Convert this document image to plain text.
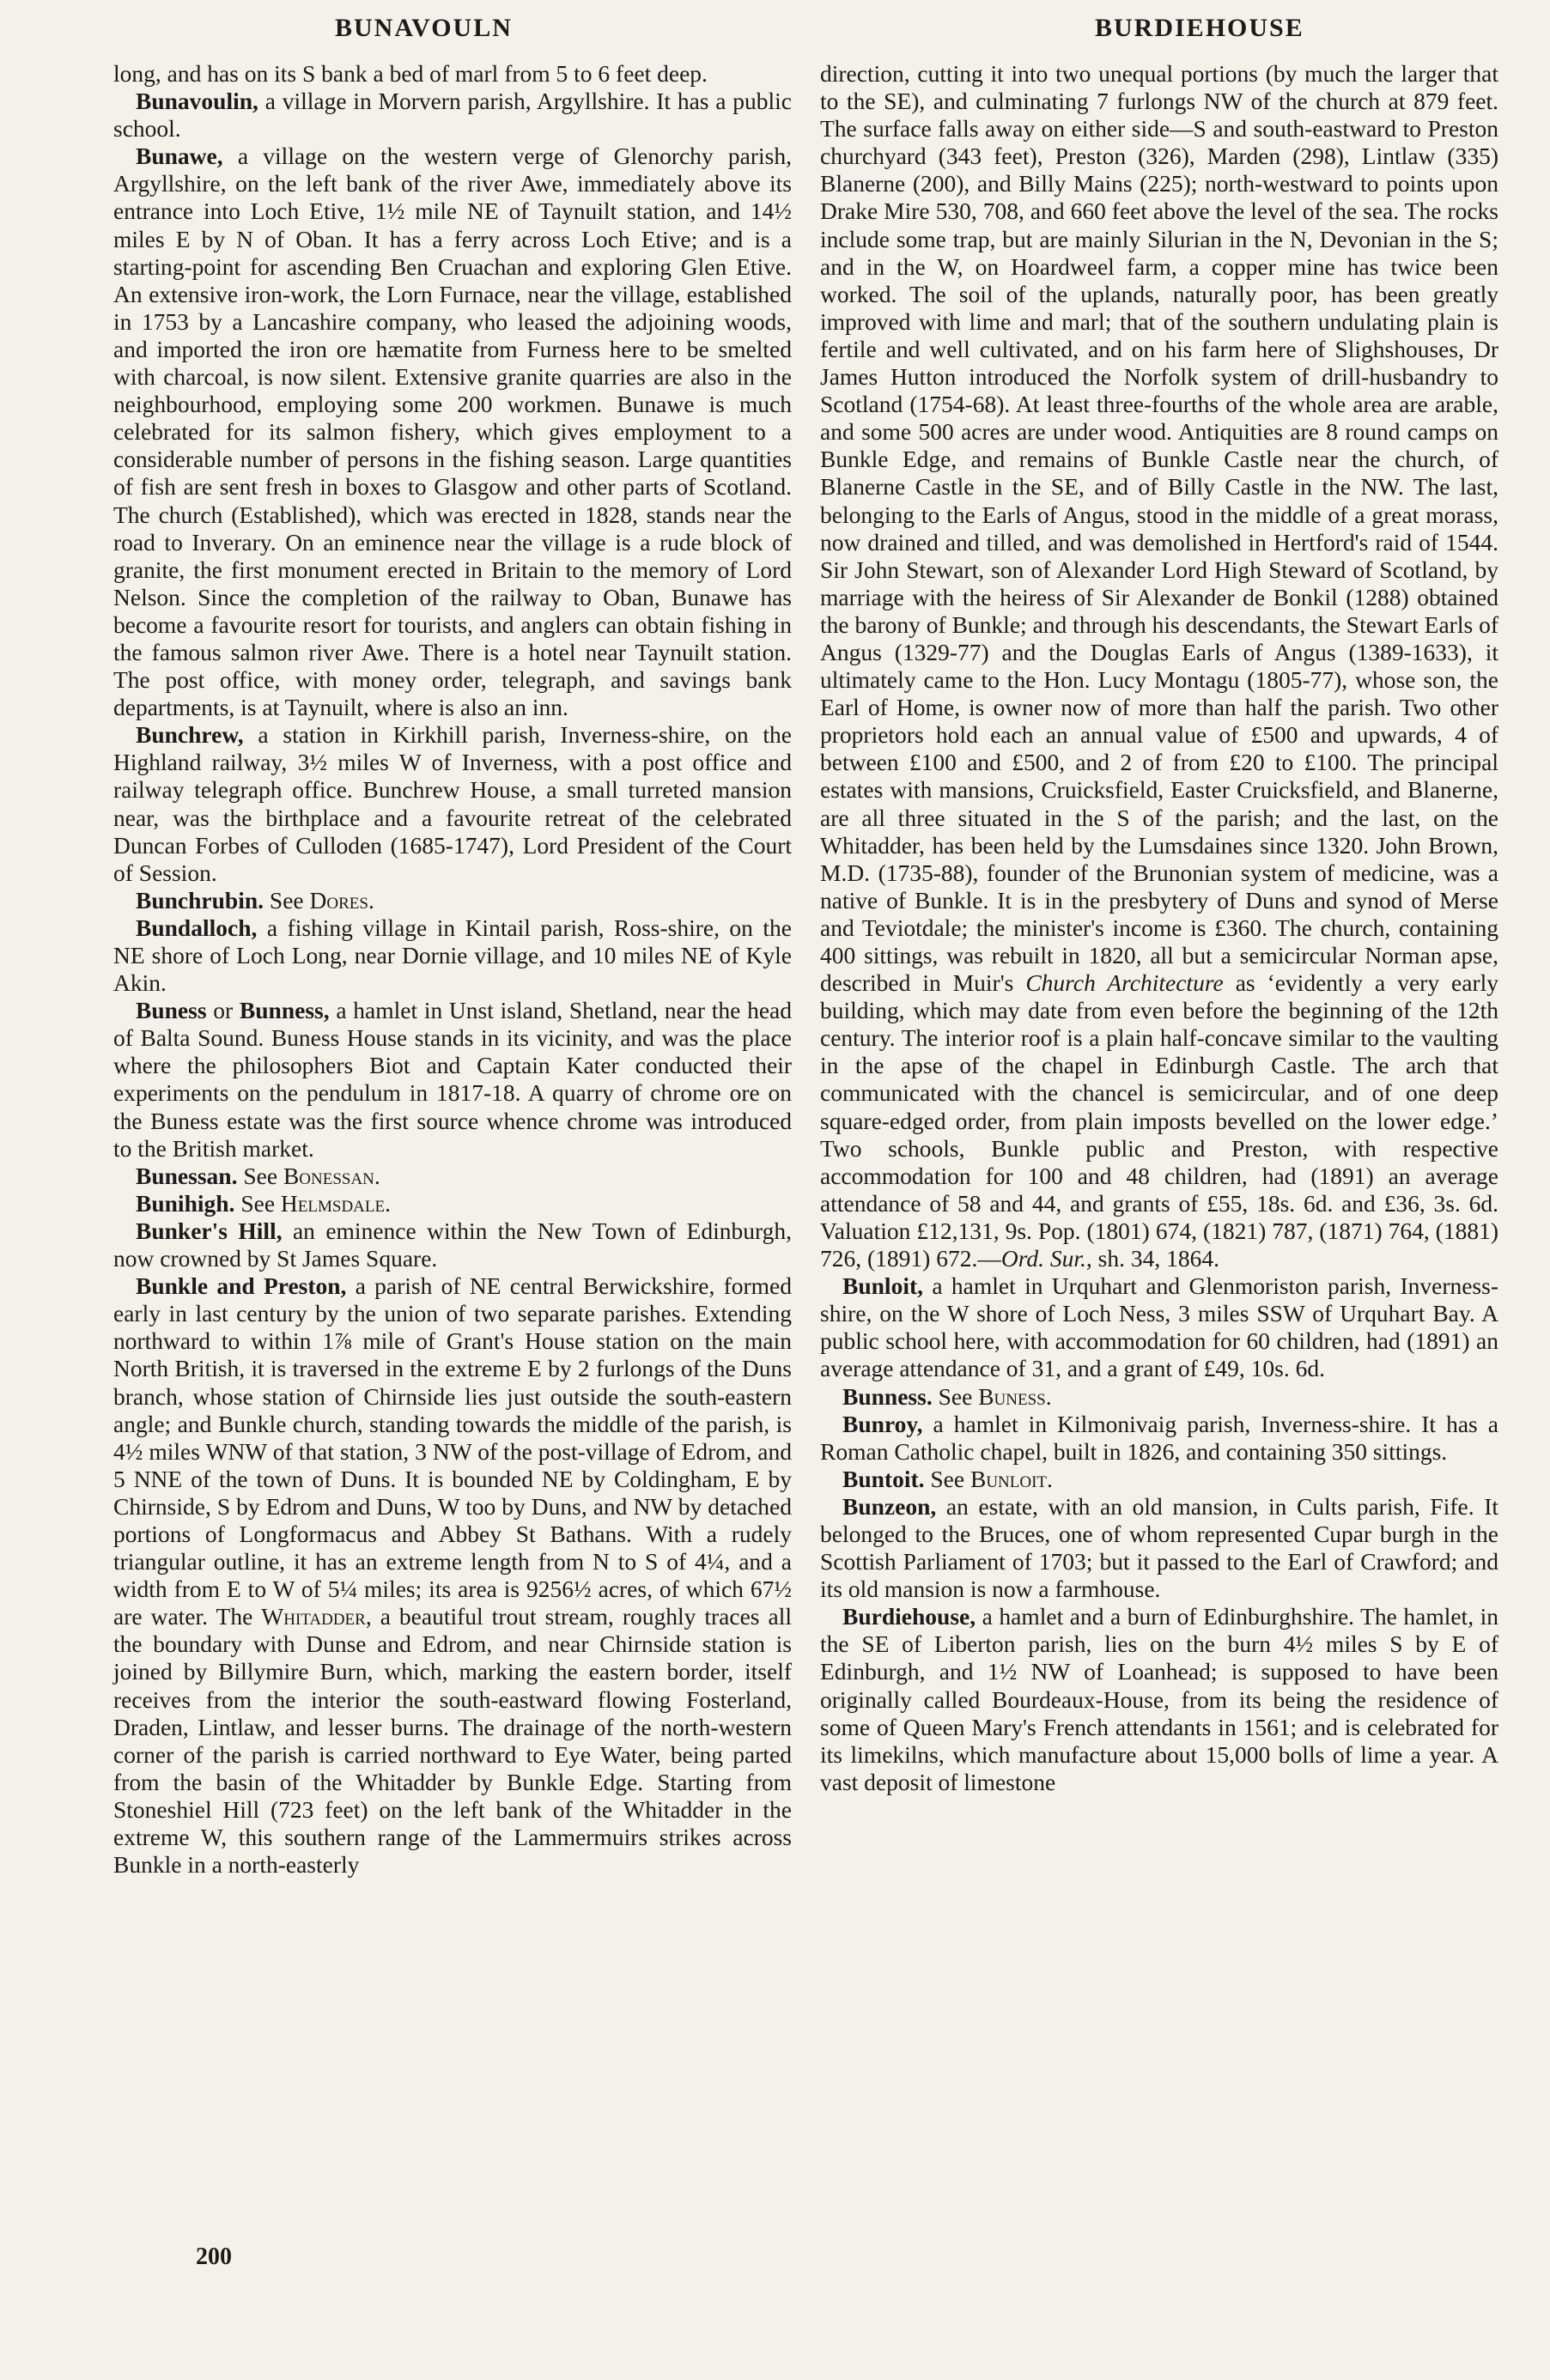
BUNAVOULN	BURDIEHOUSE

long, and has on its S bank a bed of marl from 5 to 6 feet deep.

Bunavoulin, a village in Morvern parish, Argyllshire. It has a public school.

Bunawe, a village on the western verge of Glenorchy parish, Argyllshire, on the left bank of the river Awe, immediately above its entrance into Loch Etive, 1½ mile NE of Taynuilt station, and 14½ miles E by N of Oban. It has a ferry across Loch Etive; and is a starting-point for ascending Ben Cruachan and exploring Glen Etive. An extensive iron-work, the Lorn Furnace, near the village, established in 1753 by a Lancashire company, who leased the adjoining woods, and imported the iron ore hæmatite from Furness here to be smelted with charcoal, is now silent. Extensive granite quarries are also in the neighbourhood, employing some 200 workmen. Bunawe is much celebrated for its salmon fishery, which gives employment to a considerable number of persons in the fishing season. Large quantities of fish are sent fresh in boxes to Glasgow and other parts of Scotland. The church (Established), which was erected in 1828, stands near the road to Inverary. On an eminence near the village is a rude block of granite, the first monument erected in Britain to the memory of Lord Nelson. Since the completion of the railway to Oban, Bunawe has become a favourite resort for tourists, and anglers can obtain fishing in the famous salmon river Awe. There is a hotel near Taynuilt station. The post office, with money order, telegraph, and savings bank departments, is at Taynuilt, where is also an inn.

Bunchrew, a station in Kirkhill parish, Inverness-shire, on the Highland railway, 3½ miles W of Inverness, with a post office and railway telegraph office. Bunchrew House, a small turreted mansion near, was the birthplace and a favourite retreat of the celebrated Duncan Forbes of Culloden (1685-1747), Lord President of the Court of Session.

Bunchrubin. See Dores.

Bundalloch, a fishing village in Kintail parish, Ross-shire, on the NE shore of Loch Long, near Dornie village, and 10 miles NE of Kyle Akin.

Buness or Bunness, a hamlet in Unst island, Shetland, near the head of Balta Sound. Buness House stands in its vicinity, and was the place where the philosophers Biot and Captain Kater conducted their experiments on the pendulum in 1817-18. A quarry of chrome ore on the Buness estate was the first source whence chrome was introduced to the British market.

Bunessan. See Bonessan.

Bunihigh. See Helmsdale.

Bunker's Hill, an eminence within the New Town of Edinburgh, now crowned by St James Square.

Bunkle and Preston, a parish of NE central Berwickshire, formed early in last century by the union of two separate parishes. Extending northward to within 1⅞ mile of Grant's House station on the main North British, it is traversed in the extreme E by 2 furlongs of the Duns branch, whose station of Chirnside lies just outside the south-eastern angle; and Bunkle church, standing towards the middle of the parish, is 4½ miles WNW of that station, 3 NW of the post-village of Edrom, and 5 NNE of the town of Duns. It is bounded NE by Coldingham, E by Chirnside, S by Edrom and Duns, W too by Duns, and NW by detached portions of Longformacus and Abbey St Bathans. With a rudely triangular outline, it has an extreme length from N to S of 4¼, and a width from E to W of 5¼ miles; its area is 9256½ acres, of which 67½ are water. The Whitadder, a beautiful trout stream, roughly traces all the boundary with Dunse and Edrom, and near Chirnside station is joined by Billymire Burn, which, marking the eastern border, itself receives from the interior the south-eastward flowing Fosterland, Draden, Lintlaw, and lesser burns. The drainage of the north-western corner of the parish is carried northward to Eye Water, being parted from the basin of the Whitadder by Bunkle Edge. Starting from Stoneshiel Hill (723 feet) on the left bank of the Whitadder in the extreme W, this southern range of the Lammermuirs strikes across Bunkle in a north-easterly

direction, cutting it into two unequal portions (by much the larger that to the SE), and culminating 7 furlongs NW of the church at 879 feet. The surface falls away on either side—S and south-eastward to Preston churchyard (343 feet), Preston (326), Marden (298), Lintlaw (335) Blanerne (200), and Billy Mains (225); north-westward to points upon Drake Mire 530, 708, and 660 feet above the level of the sea. The rocks include some trap, but are mainly Silurian in the N, Devonian in the S; and in the W, on Hoardweel farm, a copper mine has twice been worked. The soil of the uplands, naturally poor, has been greatly improved with lime and marl; that of the southern undulating plain is fertile and well cultivated, and on his farm here of Slighshouses, Dr James Hutton introduced the Norfolk system of drill-husbandry to Scotland (1754-68). At least three-fourths of the whole area are arable, and some 500 acres are under wood. Antiquities are 8 round camps on Bunkle Edge, and remains of Bunkle Castle near the church, of Blanerne Castle in the SE, and of Billy Castle in the NW. The last, belonging to the Earls of Angus, stood in the middle of a great morass, now drained and tilled, and was demolished in Hertford's raid of 1544. Sir John Stewart, son of Alexander Lord High Steward of Scotland, by marriage with the heiress of Sir Alexander de Bonkil (1288) obtained the barony of Bunkle; and through his descendants, the Stewart Earls of Angus (1329-77) and the Douglas Earls of Angus (1389-1633), it ultimately came to the Hon. Lucy Montagu (1805-77), whose son, the Earl of Home, is owner now of more than half the parish. Two other proprietors hold each an annual value of £500 and upwards, 4 of between £100 and £500, and 2 of from £20 to £100. The principal estates with mansions, Cruicksfield, Easter Cruicksfield, and Blanerne, are all three situated in the S of the parish; and the last, on the Whitadder, has been held by the Lumsdaines since 1320. John Brown, M.D. (1735-88), founder of the Brunonian system of medicine, was a native of Bunkle. It is in the presbytery of Duns and synod of Merse and Teviotdale; the minister's income is £360. The church, containing 400 sittings, was rebuilt in 1820, all but a semicircular Norman apse, described in Muir's Church Architecture as ‘evidently a very early building, which may date from even before the beginning of the 12th century. The interior roof is a plain half-concave similar to the vaulting in the apse of the chapel in Edinburgh Castle. The arch that communicated with the chancel is semicircular, and of one deep square-edged order, from plain imposts bevelled on the lower edge.’ Two schools, Bunkle public and Preston, with respective accommodation for 100 and 48 children, had (1891) an average attendance of 58 and 44, and grants of £55, 18s. 6d. and £36, 3s. 6d. Valuation £12,131, 9s. Pop. (1801) 674, (1821) 787, (1871) 764, (1881) 726, (1891) 672.—Ord. Sur., sh. 34, 1864.

Bunloit, a hamlet in Urquhart and Glenmoriston parish, Inverness-shire, on the W shore of Loch Ness, 3 miles SSW of Urquhart Bay. A public school here, with accommodation for 60 children, had (1891) an average attendance of 31, and a grant of £49, 10s. 6d.

Bunness. See Buness.

Bunroy, a hamlet in Kilmonivaig parish, Inverness-shire. It has a Roman Catholic chapel, built in 1826, and containing 350 sittings.

Buntoit. See Bunloit.

Bunzeon, an estate, with an old mansion, in Cults parish, Fife. It belonged to the Bruces, one of whom represented Cupar burgh in the Scottish Parliament of 1703; but it passed to the Earl of Crawford; and its old mansion is now a farmhouse.

Burdiehouse, a hamlet and a burn of Edinburghshire. The hamlet, in the SE of Liberton parish, lies on the burn 4½ miles S by E of Edinburgh, and 1½ NW of Loanhead; is supposed to have been originally called Bourdeaux-House, from its being the residence of some of Queen Mary's French attendants in 1561; and is celebrated for its limekilns, which manufacture about 15,000 bolls of lime a year. A vast deposit of limestone

200
